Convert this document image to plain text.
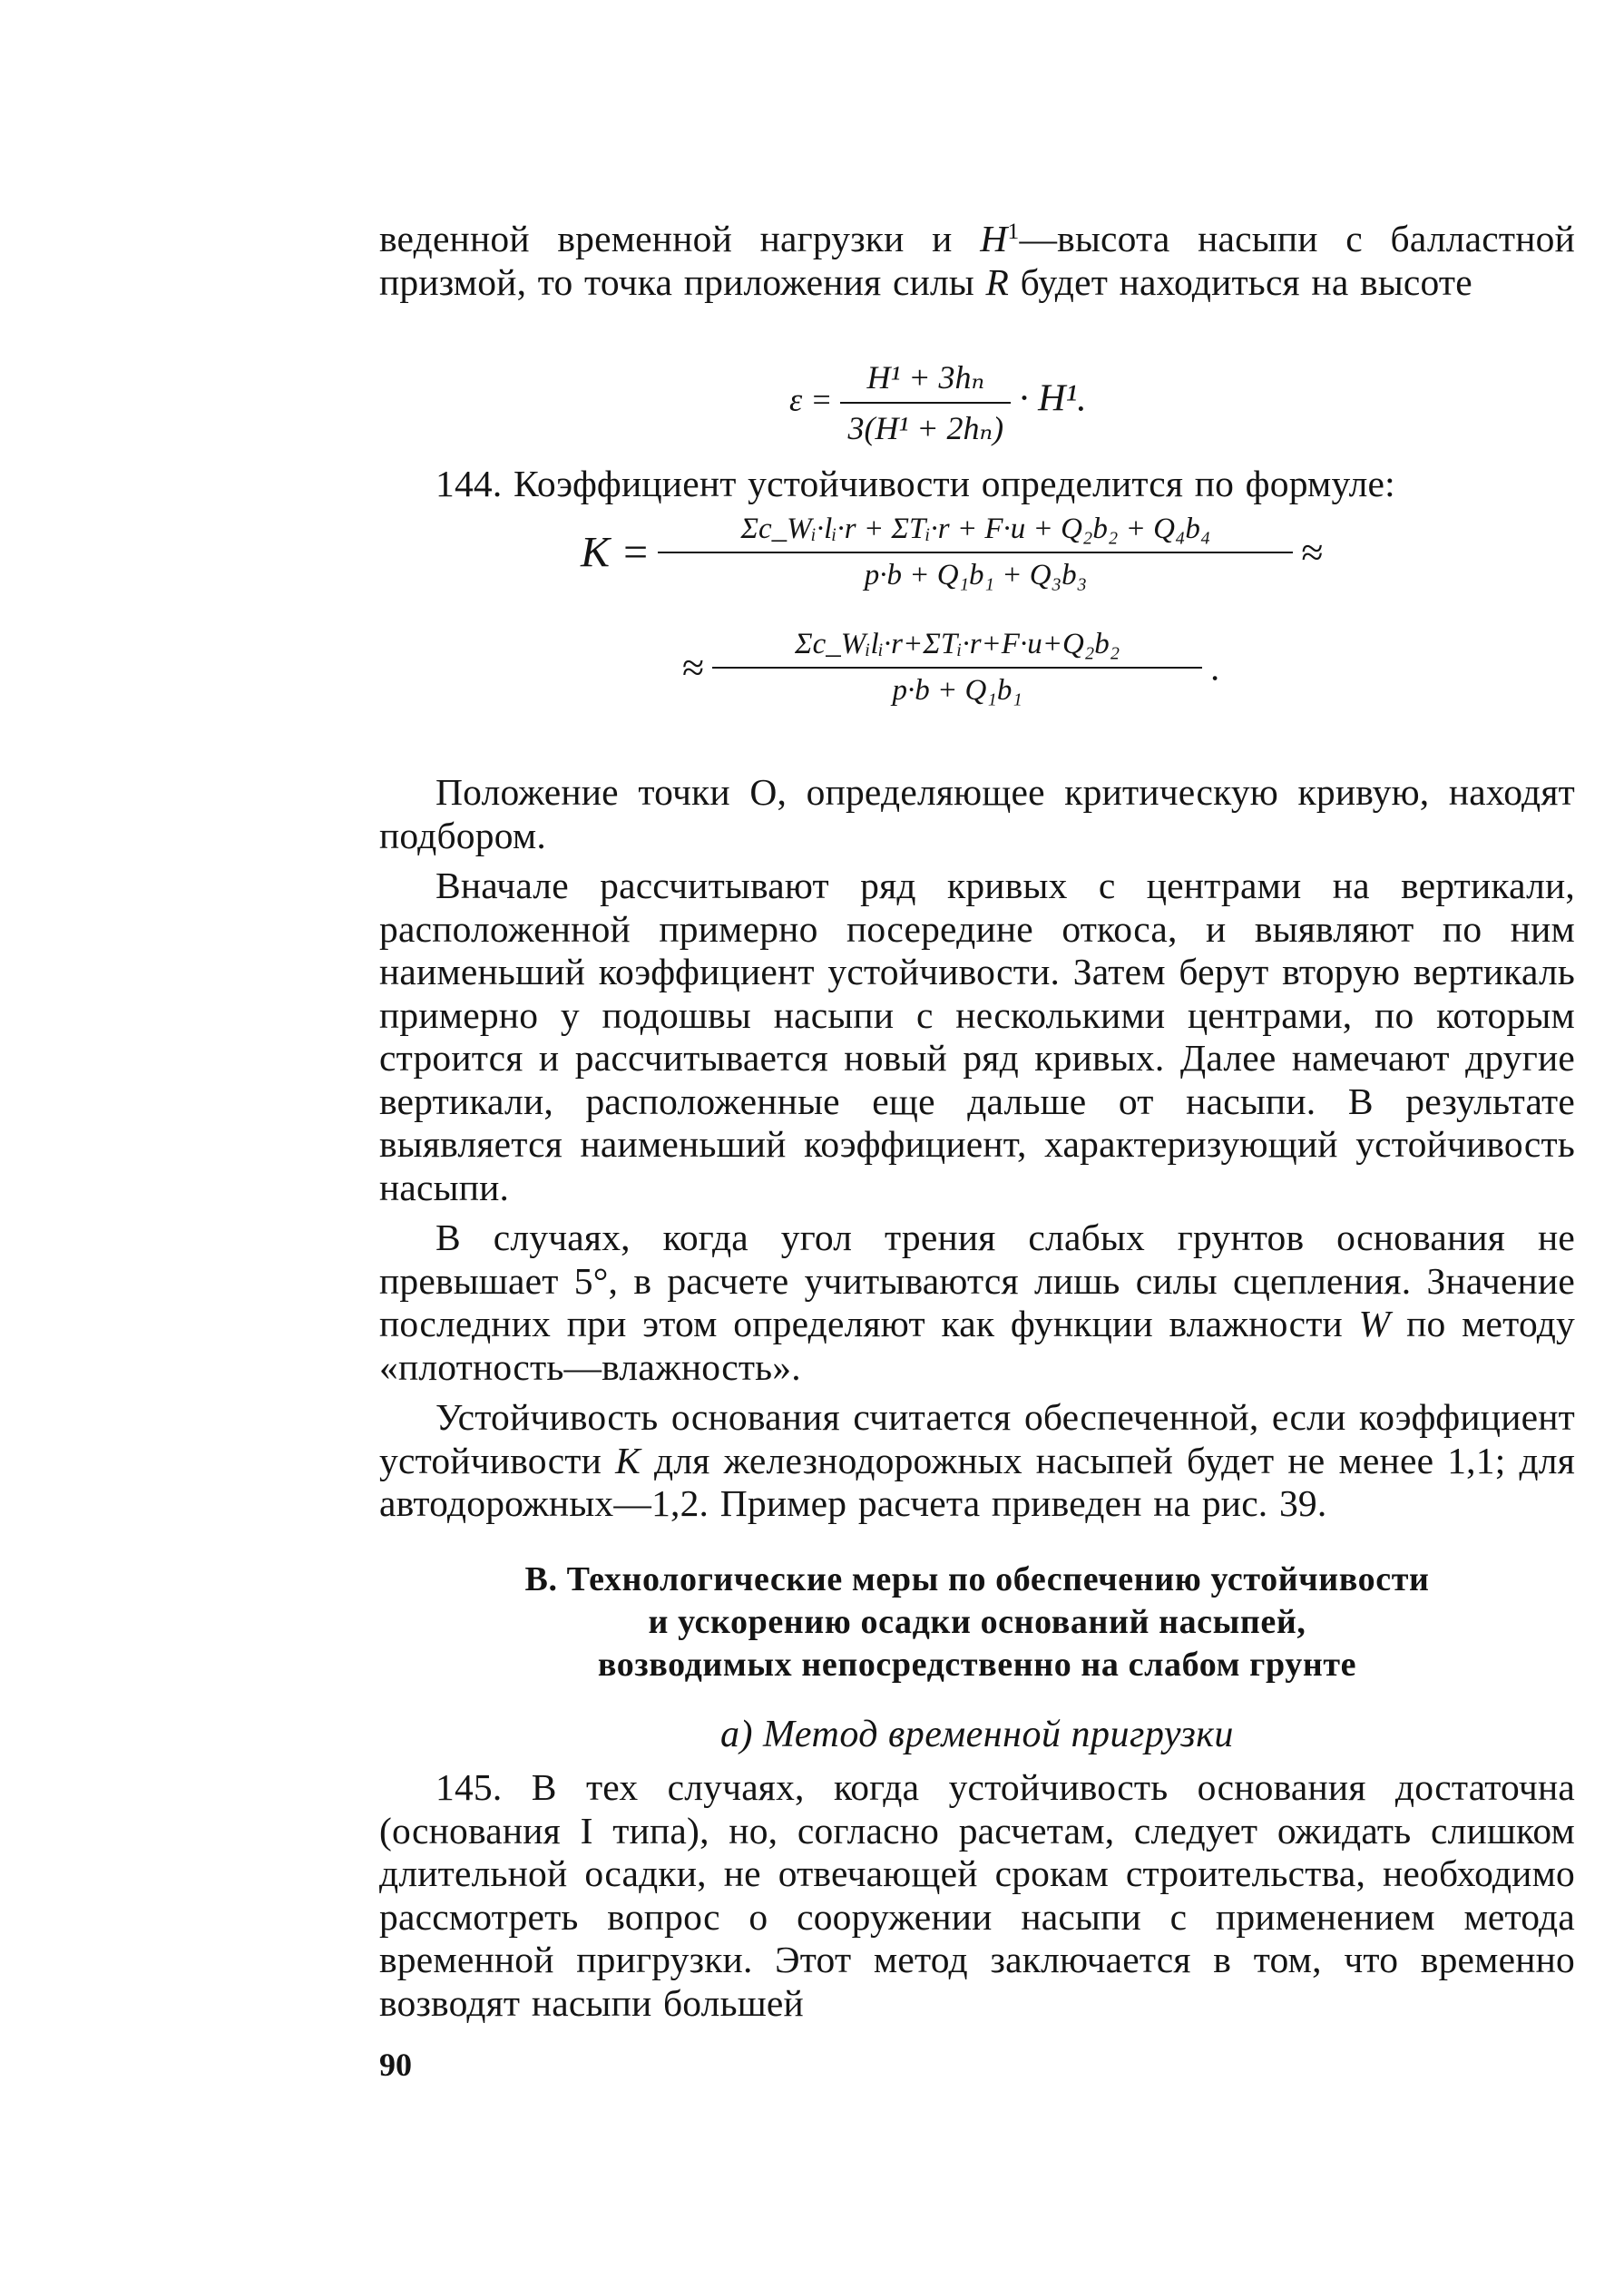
веденной временной нагрузки и $H^1—высота$ насыпи с балластной призмой, то точка приложения силы R будет находиться на высоте

$\varepsilon = \frac{\text{H¹ + 3hₙ}}{\text{3(H¹ + 2hₙ)}} \cdot H^1$.

144. Коэффициент устойчивости определится по формуле:

$K = \frac{\text{Σc\_Wᵢ·lᵢ·r + ΣTᵢ·r + F·u + Q₂b₂ + Q₄b₄}}{\text{p·b + Q₁b₁ + Q₃b₃}}$ ≈
≈ $\frac{\text{Σc\_Wᵢlᵢ·r+ΣTᵢ·r+F·u+Q₂b₂}}{\text{p·b + Q₁b₁}}$ .

Положение точки O, определяющее критическую кривую, находят подбором.

Вначале рассчитывают ряд кривых с центрами на вертикали, расположенной примерно посередине откоса, и выявляют по ним наименьший коэффициент устойчивости. Затем берут вторую вертикаль примерно у подошвы насыпи с несколькими центрами, по которым строится и рассчитывается новый ряд кривых. Далее намечают другие вертикали, расположенные еще дальше от насыпи. В результате выявляется наименьший коэффициент, характеризующий устойчивость насыпи.

В случаях, когда угол трения слабых грунтов основания не превышает 5°, в расчете учитываются лишь силы сцепления. Значение последних при этом определяют как функции влажности W по методу «плотность—влажность».

Устойчивость основания считается обеспеченной, если коэффициент устойчивости K для железнодорожных насыпей будет не менее 1,1; для автодорожных—1,2. Пример расчета приведен на рис. 39.

В. Технологические меры по обеспечению устойчивости

и ускорению осадки оснований насыпей,

возводимых непосредственно на слабом грунте

а) Метод временной пригрузки

145. В тех случаях, когда устойчивость основания достаточна (основания I типа), но, согласно расчетам, следует ожидать слишком длительной осадки, не отвечающей срокам строительства, необходимо рассмотреть вопрос о сооружении насыпи с применением метода временной пригрузки. Этот метод заключается в том, что временно возводят насыпи большей

90
